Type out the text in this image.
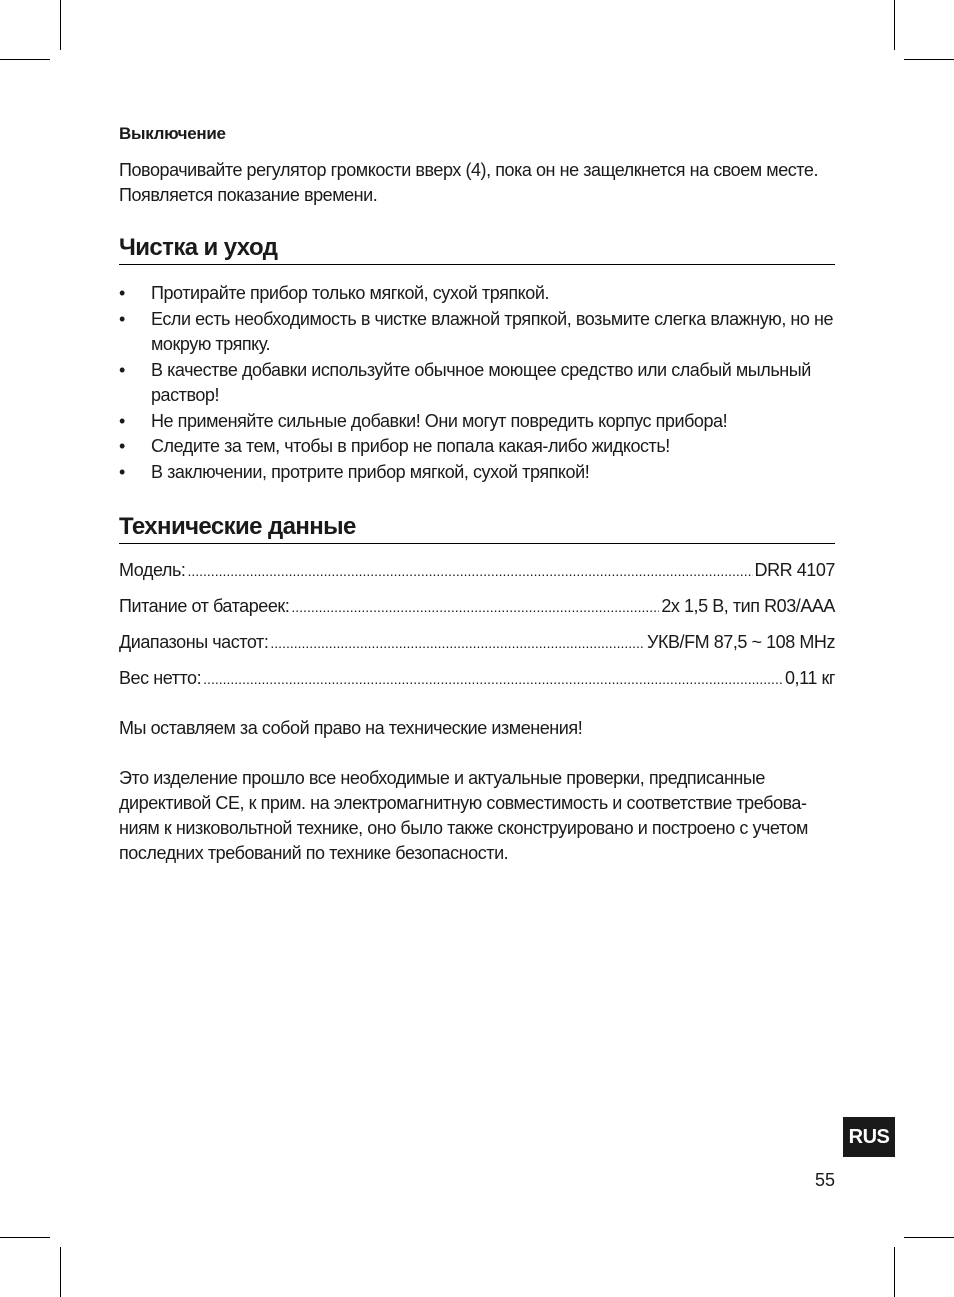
Выключение

Поворачивайте регулятор громкости вверх (4), пока он не защелкнется на своем месте. Появляется показание времени.

Чистка и уход
• Протирайте прибор только мягкой, сухой тряпкой.
• Если есть необходимость в чистке влажной тряпкой, возьмите слегка влажную, но не мокрую тряпку.
• В качестве добавки используйте обычное моющее средство или слабый мыльный раствор!
• Не применяйте сильные добавки! Они могут повредить корпус прибора!
• Следите за тем, чтобы в прибор не попала какая-либо жидкость!
• В заключении, протрите прибор мягкой, сухой тряпкой!
Технические данные
Модель: .....	DRR 4107
Питание от батареек: .....	2x 1,5 В, тип R03/AAA
Диапазоны частот: .....	УКВ/FM 87,5 ~ 108 MHz
Вес нетто: .....	0,11 кг

Мы оставляем за собой право на технические изменения!

Это изделение прошло все необходимые и актуальные проверки, предписанные директивой CE, к прим. на электромагнитную совместимость и соответствие требова-ниям к низковольтной технике, оно было также сконструировано и построено с учетом последних требований по технике безопасности.

RUS
55
